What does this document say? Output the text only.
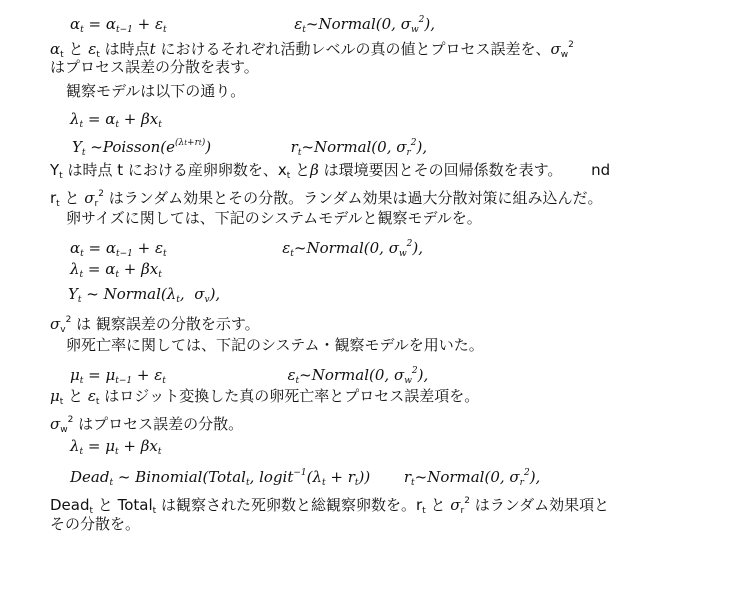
$\alpha_t = \alpha_{t-1} + \varepsilon_t$	$\varepsilon_t\sim Normal(0$, $\sigma_w^2$),
$\alpha_t$ と $\varepsilon_t$ は時点t におけるそれぞれ活動レベルの真の値とプロセス誤差を、$\sigma_w^2$
はプロセス誤差の分散を表す。
観察モデルは以下の通り。
$\lambda_t = \alpha_t + \beta x_t$
$Y_t$ $\sim Poisson(e^{(\lambda t+rt)})$	$r_t\sim Normal(0$, $\sigma_r^2$),
$Y_t$ は時点 t における産卵卵数を、$x_t$ とβ は環境要因とその回帰係数を表す。 nd
$r_t$ と $\sigma_r^2$ はランダム効果とその分散。ランダム効果は過大分散対策に組み込んだ。
卵サイズに関しては、下記のシステムモデルと観察モデルを。
$\alpha_t = \alpha_{t-1} + \varepsilon_t$	$\varepsilon_t\sim Normal(0$, $\sigma_w^2$),
$\lambda_t = \alpha_t + \beta x_t$
$Y_t$ ~ $Normal(\lambda_t$,  $\sigma_v$),
$\sigma_v^2$ は 観察誤差の分散を示す。
卵死亡率に関しては、下記のシステム・観察モデルを用いた。
$\mu_t = \mu_{t-1} + \varepsilon_t$	$\varepsilon_t\sim Normal(0$, $\sigma_w^2$),
$\mu_t$ と $\varepsilon_t$ はロジット変換した真の卵死亡率とプロセス誤差項を。
$\sigma_w^2$ はプロセス誤差の分散。
$\lambda_t = \mu_t + \beta x_t$
Dead$_t$ ~ Binomial(Total$_t$, $logit^{-1}(\lambda_t + r_t)$) $r_t\sim Normal(0$, $\sigma_r^2$),
Dead$_t$ と Total$_t$ は観察された死卵数と総観察卵数を。$r_t$ と $\sigma_r^2$ はランダム効果項と
その分散を。
